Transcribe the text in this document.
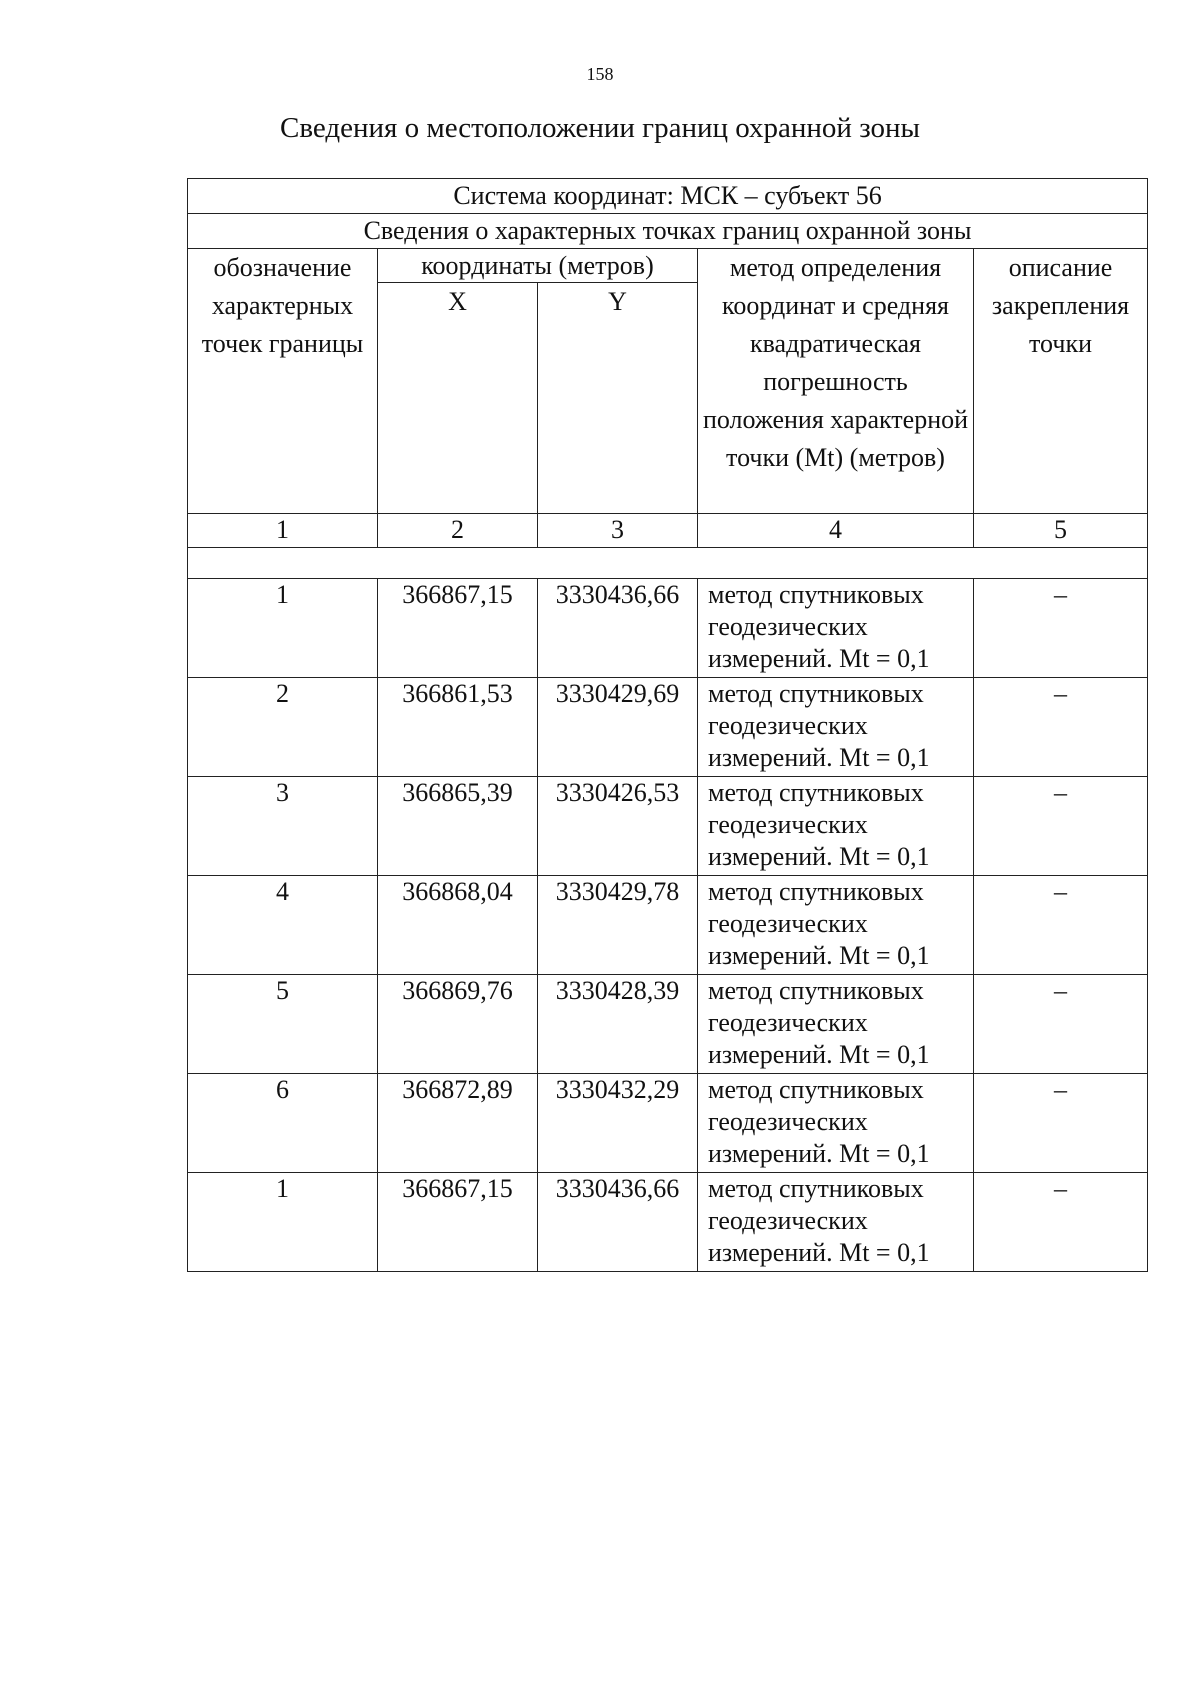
158
Сведения о местоположении границ охранной зоны
Система координат: МСК – субъект 56				
Сведения о характерных точках границ охранной зоны				
обозначение характерных точек границы	координаты (метров)		метод определения координат и средняя квадратическая погрешность положения характерной точки (Mt) (метров)	описание закрепления точки
	X	Y		
1	2	3	4	5

1	366867,15	3330436,66	метод спутниковых геодезических измерений. Mt = 0,1	–
2	366861,53	3330429,69	метод спутниковых геодезических измерений. Mt = 0,1	–
3	366865,39	3330426,53	метод спутниковых геодезических измерений. Mt = 0,1	–
4	366868,04	3330429,78	метод спутниковых геодезических измерений. Mt = 0,1	–
5	366869,76	3330428,39	метод спутниковых геодезических измерений. Mt = 0,1	–
6	366872,89	3330432,29	метод спутниковых геодезических измерений. Mt = 0,1	–
1	366867,15	3330436,66	метод спутниковых геодезических измерений. Mt = 0,1	–
